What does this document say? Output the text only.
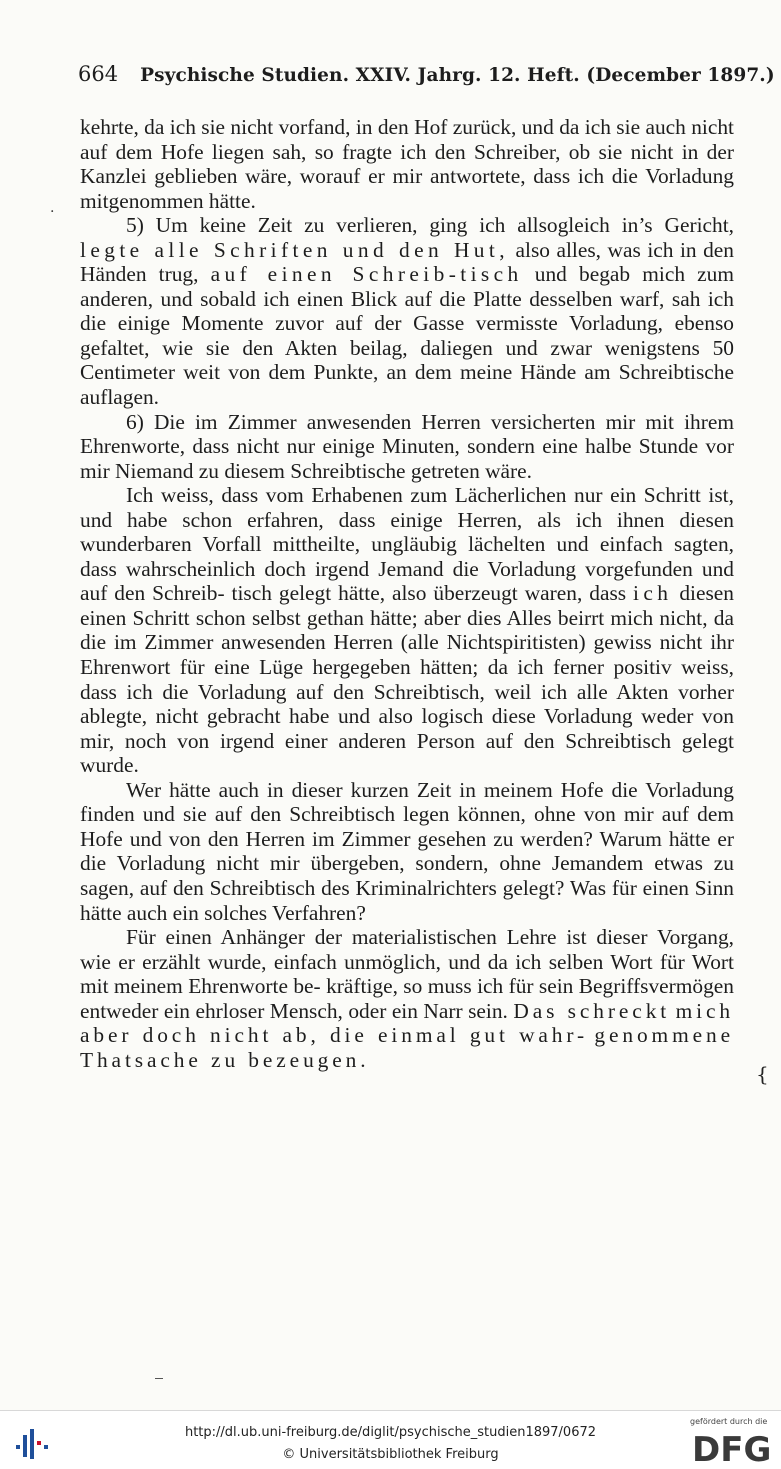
664 Psychische Studien. XXIV. Jahrg. 12. Heft. (December 1897.)
.
{

kehrte, da ich sie nicht vorfand, in den Hof zurück, und da ich sie auch nicht auf dem Hofe liegen sah, so fragte ich den Schreiber, ob sie nicht in der Kanzlei geblieben wäre, worauf er mir antwortete, dass ich die Vorladung mitgenommen hätte.

5) Um keine Zeit zu verlieren, ging ich allsogleich in’s Gericht, legte alle Schriften und den Hut, also alles, was ich in den Händen trug, auf einen Schreib-tisch und begab mich zum anderen, und sobald ich einen Blick auf die Platte desselben warf, sah ich die einige Momente zuvor auf der Gasse vermisste Vorladung, ebenso gefaltet, wie sie den Akten beilag, daliegen und zwar wenigstens 50 Centimeter weit von dem Punkte, an dem meine Hände am Schreibtische auflagen.

6) Die im Zimmer anwesenden Herren versicherten mir mit ihrem Ehrenworte, dass nicht nur einige Minuten, sondern eine halbe Stunde vor mir Niemand zu diesem Schreibtische getreten wäre.

Ich weiss, dass vom Erhabenen zum Lächerlichen nur ein Schritt ist, und habe schon erfahren, dass einige Herren, als ich ihnen diesen wunderbaren Vorfall mittheilte, ungläubig lächelten und einfach sagten, dass wahrscheinlich doch irgend Jemand die Vorladung vorgefunden und auf den Schreib- tisch gelegt hätte, also überzeugt waren, dass ich diesen einen Schritt schon selbst gethan hätte; aber dies Alles beirrt mich nicht, da die im Zimmer anwesenden Herren (alle Nichtspiritisten) gewiss nicht ihr Ehrenwort für eine Lüge hergegeben hätten; da ich ferner positiv weiss, dass ich die Vorladung auf den Schreibtisch, weil ich alle Akten vorher ablegte, nicht gebracht habe und also logisch diese Vorladung weder von mir, noch von irgend einer anderen Person auf den Schreibtisch gelegt wurde.

Wer hätte auch in dieser kurzen Zeit in meinem Hofe die Vorladung finden und sie auf den Schreibtisch legen können, ohne von mir auf dem Hofe und von den Herren im Zimmer gesehen zu werden? Warum hätte er die Vorladung nicht mir übergeben, sondern, ohne Jemandem etwas zu sagen, auf den Schreibtisch des Kriminalrichters gelegt? Was für einen Sinn hätte auch ein solches Verfahren?

Für einen Anhänger der materialistischen Lehre ist dieser Vorgang, wie er erzählt wurde, einfach unmöglich, und da ich selben Wort für Wort mit meinem Ehrenworte be- kräftige, so muss ich für sein Begriffsvermögen entweder ein ehrloser Mensch, oder ein Narr sein. Das schreckt mich aber doch nicht ab, die einmal gut wahr- genommene Thatsache zu bezeugen.

http://dl.ub.uni-freiburg.de/diglit/psychische_studien1897/0672
© Universitätsbibliothek Freiburg
gefördert durch die
DFG
